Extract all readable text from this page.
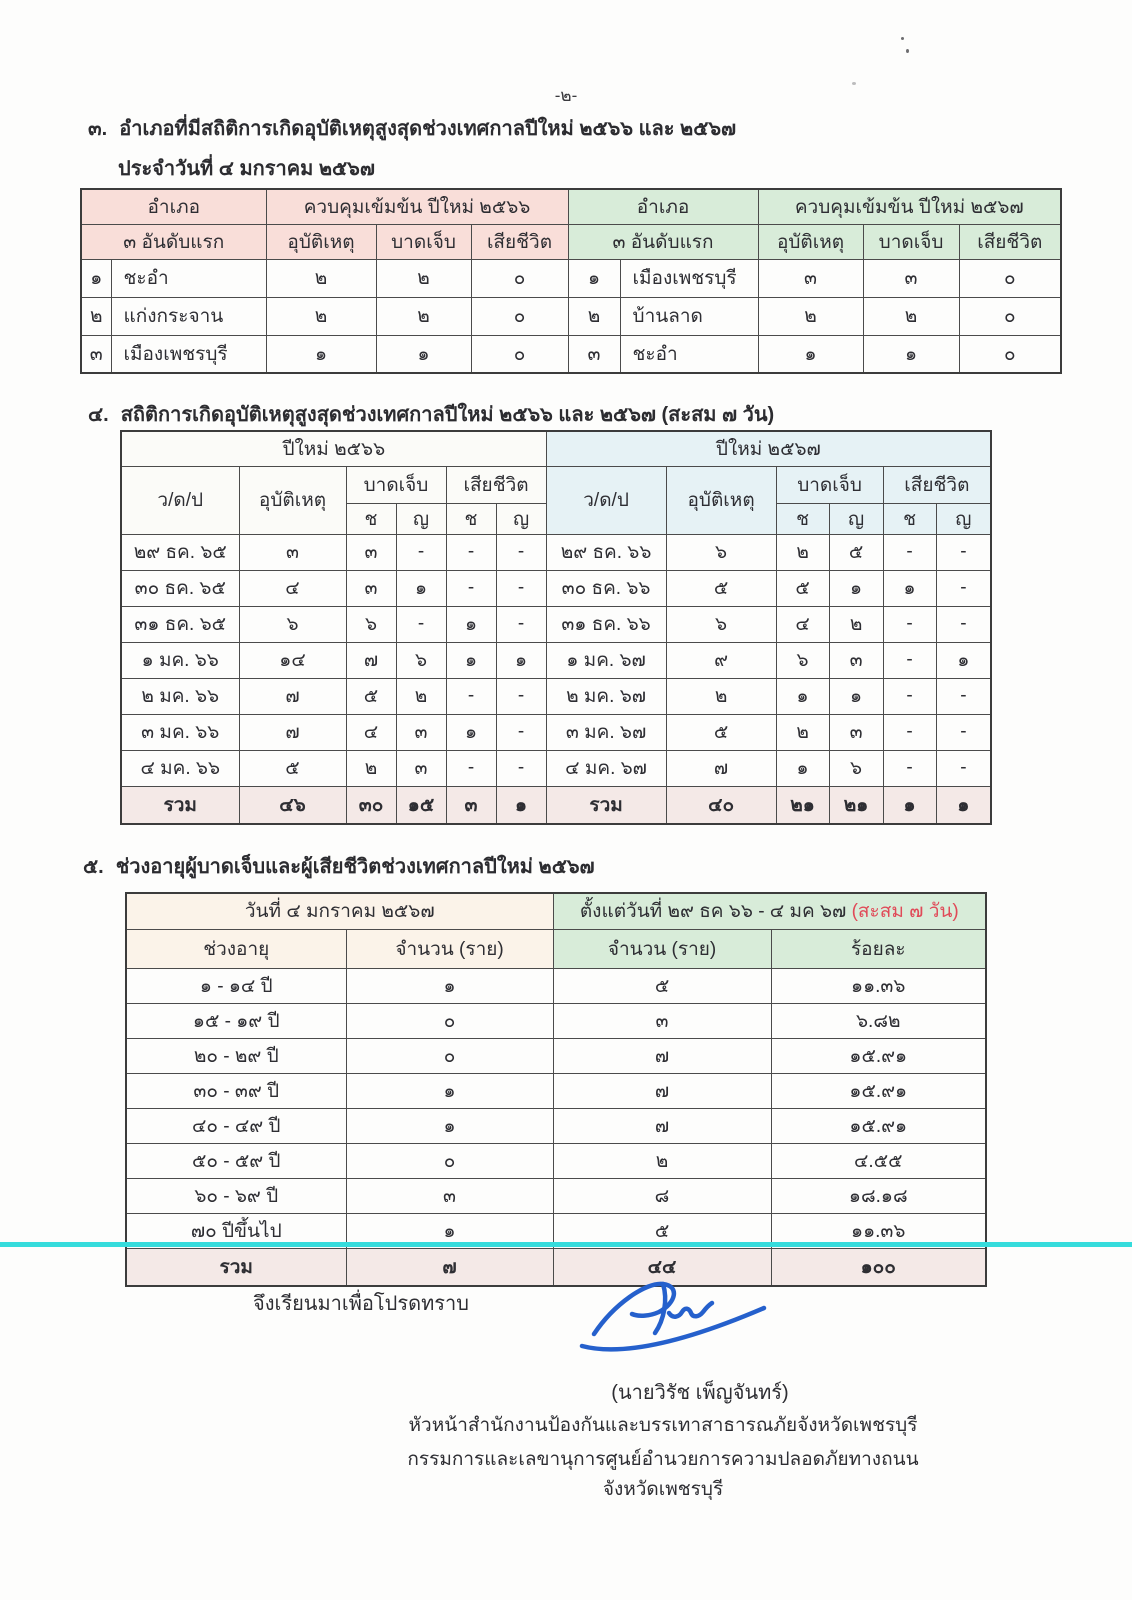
-๒-
๓. อำเภอที่มีสถิติการเกิดอุบัติเหตุสูงสุดช่วงเทศกาลปีใหม่ ๒๕๖๖ และ ๒๕๖๗
ประจำวันที่ ๔ มกราคม ๒๕๖๗
อำเภอ		ควบคุมเข้มข้น ปีใหม่ ๒๕๖๖			อำเภอ		ควบคุมเข้มข้น ปีใหม่ ๒๕๖๗		
๓ อันดับแรก		อุบัติเหตุ	บาดเจ็บ	เสียชีวิต	๓ อันดับแรก		อุบัติเหตุ	บาดเจ็บ	เสียชีวิต
๑	ชะอำ	๒	๒	๐	๑	เมืองเพชรบุรี	๓	๓	๐
๒	แก่งกระจาน	๒	๒	๐	๒	บ้านลาด	๒	๒	๐
๓	เมืองเพชรบุรี	๑	๑	๐	๓	ชะอำ	๑	๑	๐
๔. สถิติการเกิดอุบัติเหตุสูงสุดช่วงเทศกาลปีใหม่ ๒๕๖๖ และ ๒๕๖๗ (สะสม ๗ วัน)
ปีใหม่ ๒๕๖๖						ปีใหม่ ๒๕๖๗					
ว/ด/ป	อุบัติเหตุ	บาดเจ็บ		เสียชีวิต		ว/ด/ป	อุบัติเหตุ	บาดเจ็บ		เสียชีวิต	
		ช	ญ	ช	ญ			ช	ญ	ช	ญ
๒๙ ธค. ๖๕	๓	๓	-	-	-	๒๙ ธค. ๖๖	๖	๒	๕	-	-
๓๐ ธค. ๖๕	๔	๓	๑	-	-	๓๐ ธค. ๖๖	๕	๕	๑	๑	-
๓๑ ธค. ๖๕	๖	๖	-	๑	-	๓๑ ธค. ๖๖	๖	๔	๒	-	-
๑ มค. ๖๖	๑๔	๗	๖	๑	๑	๑ มค. ๖๗	๙	๖	๓	-	๑
๒ มค. ๖๖	๗	๕	๒	-	-	๒ มค. ๖๗	๒	๑	๑	-	-
๓ มค. ๖๖	๗	๔	๓	๑	-	๓ มค. ๖๗	๕	๒	๓	-	-
๔ มค. ๖๖	๕	๒	๓	-	-	๔ มค. ๖๗	๗	๑	๖	-	-
รวม	๔๖	๓๐	๑๕	๓	๑	รวม	๔๐	๒๑	๒๑	๑	๑
๕. ช่วงอายุผู้บาดเจ็บและผู้เสียชีวิตช่วงเทศกาลปีใหม่ ๒๕๖๗
วันที่ ๔ มกราคม ๒๕๖๗		ตั้งแต่วันที่ ๒๙ ธค ๖๖ - ๔ มค ๖๗ (สะสม ๗ วัน)	
ช่วงอายุ	จำนวน (ราย)	จำนวน (ราย)	ร้อยละ
๑ - ๑๔ ปี	๑	๕	๑๑.๓๖
๑๕ - ๑๙ ปี	๐	๓	๖.๘๒
๒๐ - ๒๙ ปี	๐	๗	๑๕.๙๑
๓๐ - ๓๙ ปี	๑	๗	๑๕.๙๑
๔๐ - ๔๙ ปี	๑	๗	๑๕.๙๑
๕๐ - ๕๙ ปี	๐	๒	๔.๕๕
๖๐ - ๖๙ ปี	๓	๘	๑๘.๑๘
๗๐ ปีขึ้นไป	๑	๕	๑๑.๓๖
รวม	๗	๔๔	๑๐๐
จึงเรียนมาเพื่อโปรดทราบ
(นายวิรัช เพ็ญจันทร์)
หัวหน้าสำนักงานป้องกันและบรรเทาสาธารณภัยจังหวัดเพชรบุรี
กรรมการและเลขานุการศูนย์อำนวยการความปลอดภัยทางถนนจังหวัดเพชรบุรี
